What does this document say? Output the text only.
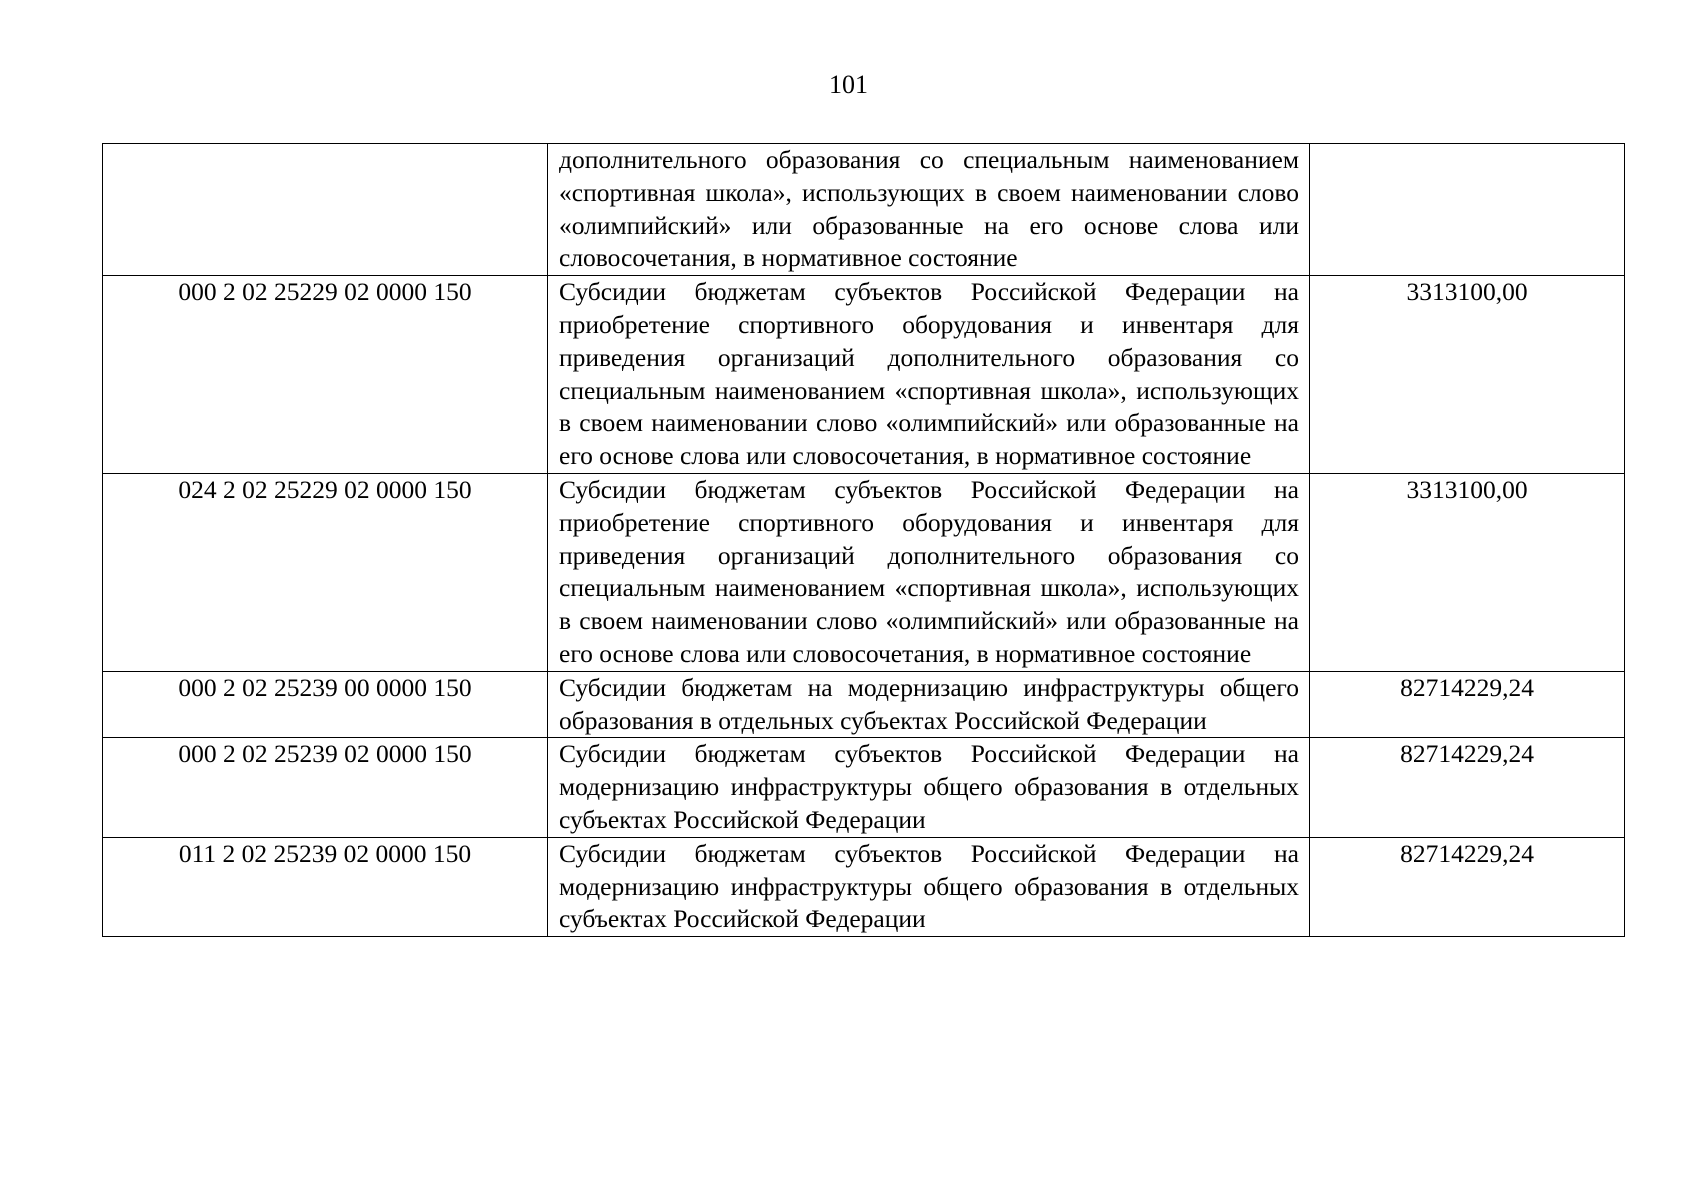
101
	дополнительного образования со специальным наименованием «спортивная школа», использующих в своем наименовании слово «олимпийский» или образованные на его основе слова или словосочетания, в нормативное состояние	
000 2 02 25229 02 0000 150	Субсидии бюджетам субъектов Российской Федерации на приобретение спортивного оборудования и инвентаря для приведения организаций дополнительного образования со специальным наименованием «спортивная школа», использующих в своем наименовании слово «олимпийский» или образованные на его основе слова или словосочетания, в нормативное состояние	3313100,00
024 2 02 25229 02 0000 150	Субсидии бюджетам субъектов Российской Федерации на приобретение спортивного оборудования и инвентаря для приведения организаций дополнительного образования со специальным наименованием «спортивная школа», использующих в своем наименовании слово «олимпийский» или образованные на его основе слова или словосочетания, в нормативное состояние	3313100,00
000 2 02 25239 00 0000 150	Субсидии бюджетам на модернизацию инфраструктуры общего образования в отдельных субъектах Российской Федерации	82714229,24
000 2 02 25239 02 0000 150	Субсидии бюджетам субъектов Российской Федерации на модернизацию инфраструктуры общего образования в отдельных субъектах Российской Федерации	82714229,24
011 2 02 25239 02 0000 150	Субсидии бюджетам субъектов Российской Федерации на модернизацию инфраструктуры общего образования в отдельных субъектах Российской Федерации	82714229,24
